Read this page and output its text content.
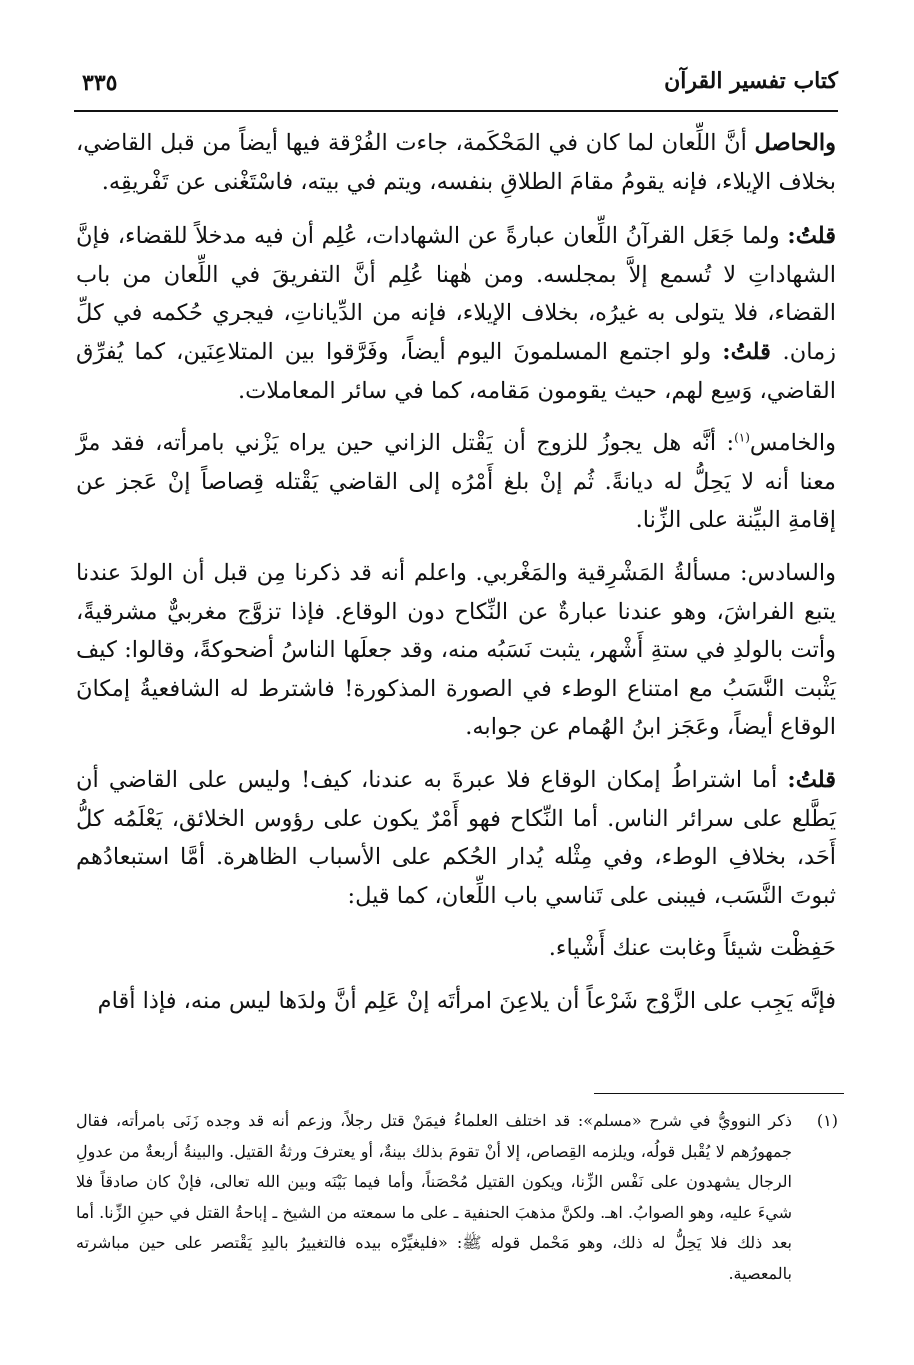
كتاب تفسير القرآن
٣٣٥

والحاصل أنَّ اللِّعان لما كان في المَحْكَمة، جاءت الفُرْقة فيها أيضاً من قبل القاضي، بخلاف الإيلاء، فإنه يقومُ مقامَ الطلاقِ بنفسه، ويتم في بيته، فاسْتَغْنى عن تَفْريقِه.

قلتُ: ولما جَعَل القرآنُ اللِّعان عبارةً عن الشهادات، عُلِم أن فيه مدخلاً للقضاء، فإنَّ الشهاداتِ لا تُسمع إلاَّ بمجلسه. ومن هٰهنا عُلِم أنَّ التفريقَ في اللِّعان من باب القضاء، فلا يتولى به غيرُه، بخلاف الإيلاء، فإنه من الدِّياناتِ، فيجري حُكمه في كلِّ زمان. قلتُ: ولو اجتمع المسلمونَ اليوم أيضاً، وفَرَّقوا بين المتلاعِنَين، كما يُفرِّق القاضي، وَسِع لهم، حيث يقومون مَقامه، كما في سائر المعاملات.

والخامس$^{(١)}$: أنَّه هل يجوزُ للزوج أن يَقْتل الزاني حين يراه يَزْني بامرأته، فقد مرَّ معنا أنه لا يَحِلُّ له ديانةً. ثُم إنْ بلغ أَمْرُه إلى القاضي يَقْتله قِصاصاً إنْ عَجز عن إقامةِ البيِّنة على الزِّنا.

والسادس: مسألةُ المَشْرِقية والمَغْربي. واعلم أنه قد ذكرنا مِن قبل أن الولدَ عندنا يتبع الفراشَ، وهو عندنا عبارةٌ عن النِّكاح دون الوقاع. فإذا تزوَّج مغربيٌّ مشرقيةً، وأتت بالولدِ في ستةِ أَشْهر، يثبت نَسَبُه منه، وقد جعلَها الناسُ أضحوكةً، وقالوا: كيف يَثْبت النَّسَبُ مع امتناع الوطء في الصورة المذكورة! فاشترط له الشافعيةُ إمكانَ الوقاع أيضاً، وعَجَز ابنُ الهُمام عن جوابه.

قلتُ: أما اشتراطُ إمكان الوقاع فلا عبرةَ به عندنا، كيف! وليس على القاضي أن يَطَّلع على سرائر الناس. أما النِّكاح فهو أَمْرٌ يكون على رؤوس الخلائق، يَعْلَمُه كلُّ أَحَد، بخلافِ الوطء، وفي مِثْله يُدار الحُكم على الأسباب الظاهرة. أمَّا استبعادُهم ثبوتَ النَّسَب، فيبنى على تَناسي باب اللِّعان، كما قيل:

حَفِظْت شيئاً وغابت عنك أَشْياء.

فإنَّه يَجِب على الزَّوْج شَرْعاً أن يلاعِنَ امرأتَه إنْ عَلِم أنَّ ولدَها ليس منه، فإذا أقام

(١)
ذكر النوويُّ في شرح «مسلم»: قد اختلف العلماءُ فيمَنْ قتل رجلاً، وزعم أنه قد وجده زَنَى بامرأته، فقال جمهورُهم لا يُقْبل قولُه، ويلزمه القِصاص، إلا أنْ تقومَ بذلك بينةٌ، أو يعترفَ ورثةُ القتيل. والبينةُ أربعةٌ من عدولِ الرجال يشهدون على نَفْس الزِّنا، ويكون القتيل مُحْصَناً، وأما فيما بَيْنَه وبين الله تعالى، فإنْ كان صادقاً فلا شيءَ عليه، وهو الصوابُ. اهـ. ولكنَّ مذهبَ الحنفية ـ على ما سمعته من الشيخ ـ إباحةُ القتل في حينِ الزِّنا. أما بعد ذلك فلا يَحِلُّ له ذلك، وهو مَحْمل قوله ﷺ: «فليغيِّرْه بيده فالتغييرُ باليدِ يَقْتصر على حين مباشرته بالمعصية.
